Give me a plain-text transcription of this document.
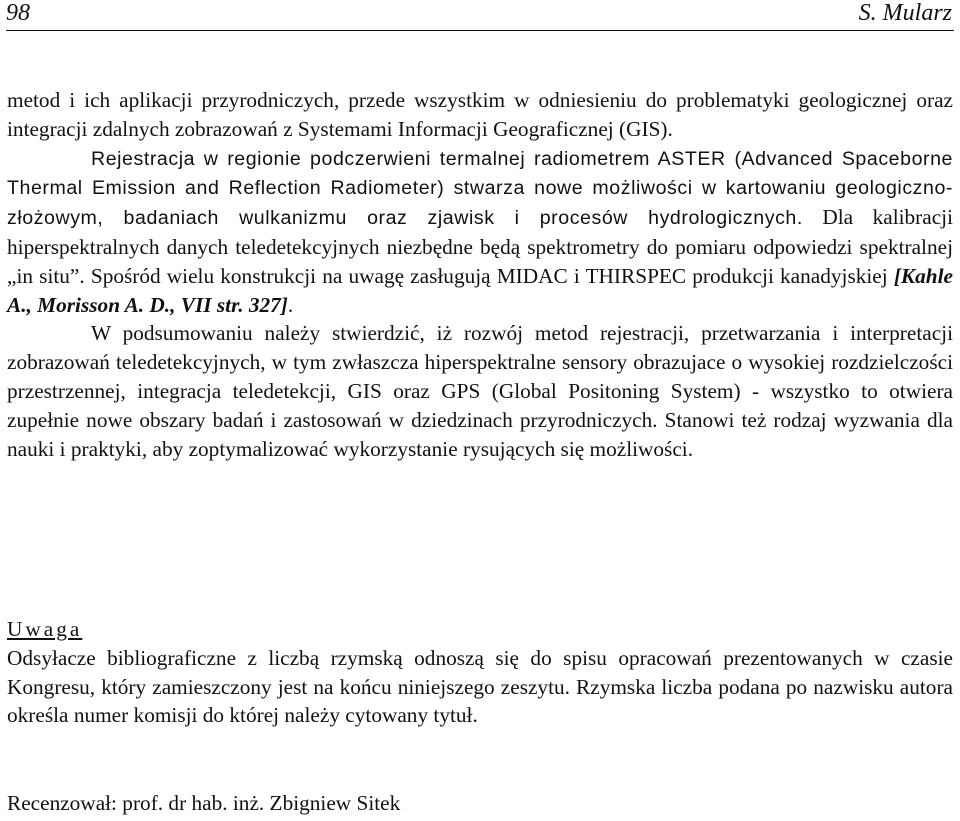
98	S. Mularz

metod i ich aplikacji przyrodniczych, przede wszystkim w odniesieniu do problematyki geologicznej oraz integracji zdalnych zobrazowań z Systemami Informacji Geograficznej (GIS).

Rejestracja w regionie podczerwieni termalnej radiometrem ASTER (Advanced Spaceborne Thermal Emission and Reflection Radiometer) stwarza nowe możliwości w kartowaniu geologiczno-złożowym, badaniach wulkanizmu oraz zjawisk i procesów hydrologicznych. Dla kalibracji hiperspektralnych danych teledetekcyjnych niezbędne będą spektrometry do pomiaru odpowiedzi spektralnej „in situ”. Spośród wielu konstrukcji na uwagę zasługują MIDAC i THIRSPEC produkcji kanadyjskiej [Kahle A., Morisson A. D., VII str. 327].

W podsumowaniu należy stwierdzić, iż rozwój metod rejestracji, przetwarzania i interpretacji zobrazowań teledetekcyjnych, w tym zwłaszcza hiperspektralne sensory obrazujace o wysokiej rozdzielczości przestrzennej, integracja teledetekcji, GIS oraz GPS (Global Positoning System) - wszystko to otwiera zupełnie nowe obszary badań i zastosowań w dziedzinach przyrodniczych. Stanowi też rodzaj wyzwania dla nauki i praktyki, aby zoptymalizować wykorzystanie rysujących się możliwości.

Uwaga

Odsyłacze bibliograficzne z liczbą rzymską odnoszą się do spisu opracowań prezentowanych w czasie Kongresu, który zamieszczony jest na końcu niniejszego zeszytu. Rzymska liczba podana po nazwisku autora określa numer komisji do której należy cytowany tytuł.

Recenzował: prof. dr hab. inż. Zbigniew Sitek
